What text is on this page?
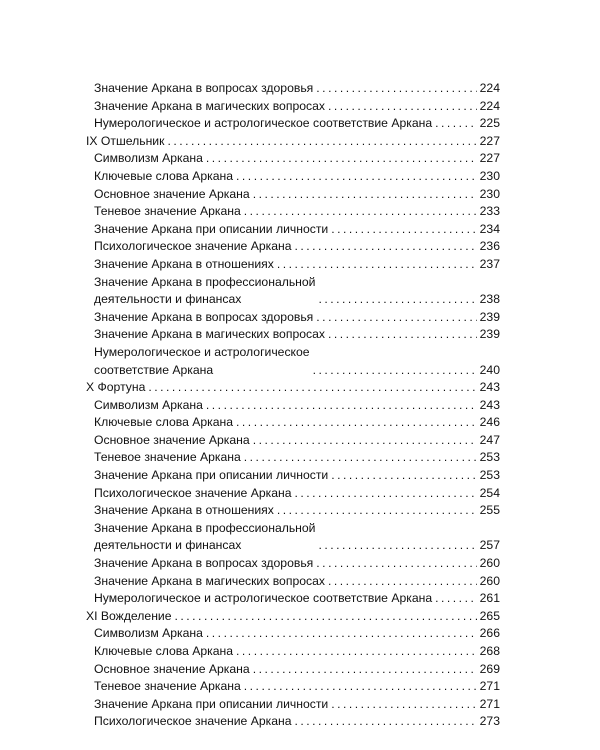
Значение Аркана в вопросах здоровья .....	224
Значение Аркана в магических вопросах .....	224
Нумерологическое и астрологическое соответствие Аркана .....	225
IX Отшельник .....	227
Символизм Аркана .....	227
Ключевые слова Аркана .....	230
Основное значение Аркана .....	230
Теневое значение Аркана .....	233
Значение Аркана при описании личности .....	234
Психологическое значение Аркана .....	236
Значение Аркана в отношениях .....	237
Значение Аркана в профессиональной
деятельности и финансах .....	238
Значение Аркана в вопросах здоровья .....	239
Значение Аркана в магических вопросах .....	239
Нумерологическое и астрологическое
соответствие Аркана .....	240
X Фортуна .....	243
Символизм Аркана .....	243
Ключевые слова Аркана .....	246
Основное значение Аркана .....	247
Теневое значение Аркана .....	253
Значение Аркана при описании личности .....	253
Психологическое значение Аркана .....	254
Значение Аркана в отношениях .....	255
Значение Аркана в профессиональной
деятельности и финансах .....	257
Значение Аркана в вопросах здоровья .....	260
Значение Аркана в магических вопросах .....	260
Нумерологическое и астрологическое соответствие Аркана .....	261
XI Вожделение .....	265
Символизм Аркана .....	266
Ключевые слова Аркана .....	268
Основное значение Аркана .....	269
Теневое значение Аркана .....	271
Значение Аркана при описании личности .....	271
Психологическое значение Аркана .....	273
